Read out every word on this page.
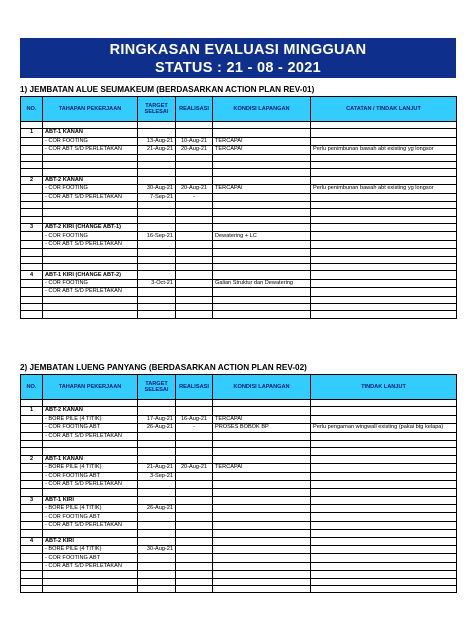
RINGKASAN EVALUASI MINGGUAN
STATUS : 21 - 08 - 2021
1) JEMBATAN ALUE SEUMAKEUM (BERDASARKAN ACTION PLAN REV-01)
NO.	TAHAPAN PEKERJAAN	TARGET SELESAI	REALISASI	KONDISI LAPANGAN	CATATAN / TINDAK LANJUT

1	ABT-1 KANAN				
	- COR FOOTING	13-Aug-21	10-Aug-21	TERCAPAI	
	- COR ABT S/D PERLETAKAN	21-Aug-21	20-Aug-21	TERCAPAI	Perlu penimbunan bawah abt existing yg longsor

2	ABT-2 KANAN				
	- COR FOOTING	30-Aug-21	20-Aug-21	TERCAPAI	Perlu penimbunan bawah abt existing yg longsor
	- COR ABT S/D PERLETAKAN	7-Sep-21	-		

3	ABT-2 KIRI (CHANGE ABT-1)				
	- COR FOOTING	16-Sep-21		Dewatering + LC	
	- COR ABT S/D PERLETAKAN				

4	ABT-1 KIRI (CHANGE ABT-2)				
	- COR FOOTING	3-Oct-21		Galian Struktur dan Dewatering	
	- COR ABT S/D PERLETAKAN				

2) JEMBATAN LUENG PANYANG (BERDASARKAN ACTION PLAN REV-02)
NO.	TAHAPAN PEKERJAAN	TARGET SELESAI	REALISASI	KONDISI LAPANGAN	TINDAK LANJUT

1	ABT-2 KANAN				
	- BORE PILE (4 TITIK)	17-Aug-21	16-Aug-21	TERCAPAI	
	- COR FOOTING ABT	26-Aug-21	-	PROSES BOBOK BP	Perlu pengaman wingwall existing (pakai btg kelapa)
	- COR ABT S/D PERLETAKAN				

2	ABT-1 KANAN				
	- BORE PILE (4 TITIK)	21-Aug-21	20-Aug-21	TERCAPAI	
	- COR FOOTING ABT	3-Sep-21			
	- COR ABT S/D PERLETAKAN				

3	ABT-1 KIRI				
	- BORE PILE (4 TITIK)	26-Aug-21			
	- COR FOOTING ABT				
	- COR ABT S/D PERLETAKAN				

4	ABT-2 KIRI				
	- BORE PILE (4 TITIK)	30-Aug-21			
	- COR FOOTING ABT				
	- COR ABT S/D PERLETAKAN				
